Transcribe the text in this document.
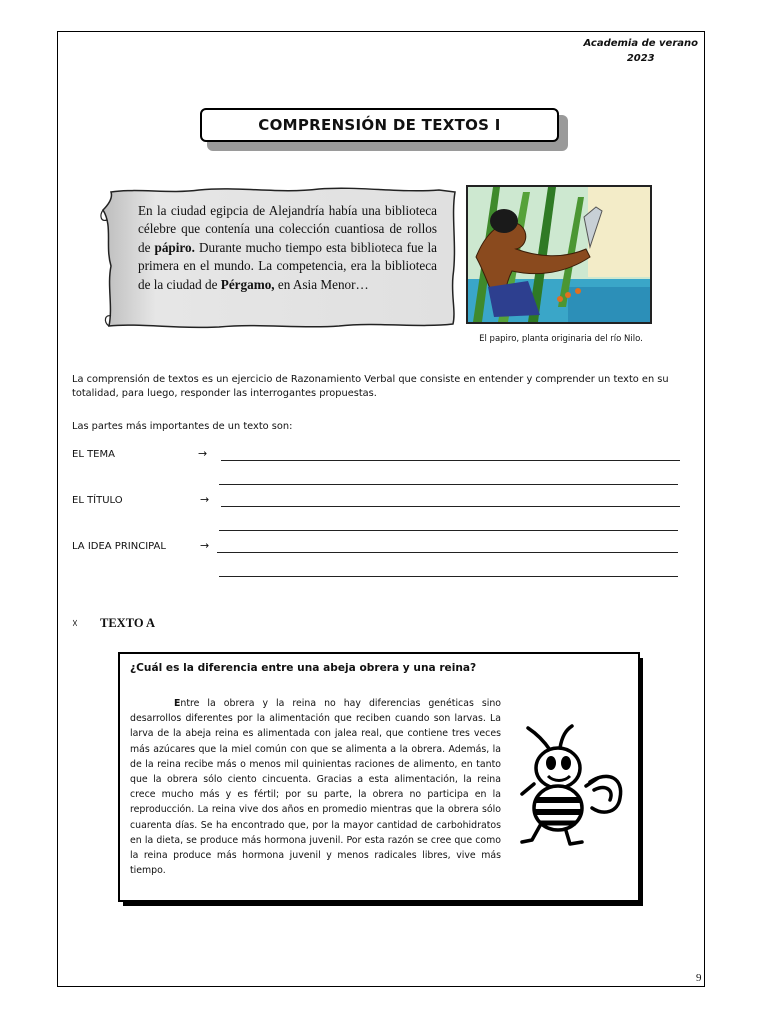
Academia de verano
2023
COMPRENSIÓN DE TEXTOS I
En la ciudad egipcia de Alejandría había una biblioteca célebre que contenía una colección cuantiosa de rollos de pápiro. Durante mucho tiempo esta biblioteca fue la primera en el mundo. La competencia, era la biblioteca de la ciudad de Pérgamo, en Asia Menor…
El papiro, planta originaria del río Nilo.
La comprensión de textos es un ejercicio de Razonamiento Verbal que consiste en entender y comprender un texto en su totalidad, para luego, responder las interrogantes propuestas.
Las partes más importantes de un texto son:
EL TEMA	→
EL TÍTULO	→
LA IDEA PRINCIPAL	→
☓ TEXTO A
¿Cuál es la diferencia entre una abeja obrera y una reina?
Entre la obrera y la reina no hay diferencias genéticas sino desarrollos diferentes por la alimentación que reciben cuando son larvas. La larva de la abeja reina es alimentada con jalea real, que contiene tres veces más azúcares que la miel común con que se alimenta a la obrera. Además, la de la reina recibe más o menos mil quinientas raciones de alimento, en tanto que la obrera sólo ciento cincuenta. Gracias a esta alimentación, la reina crece mucho más y es fértil; por su parte, la obrera no participa en la reproducción. La reina vive dos años en promedio mientras que la obrera sólo cuarenta días. Se ha encontrado que, por la mayor cantidad de carbohidratos en la dieta, se produce más hormona juvenil. Por esta razón se cree que como la reina produce más hormona juvenil y menos radicales libres, vive más tiempo.
9
